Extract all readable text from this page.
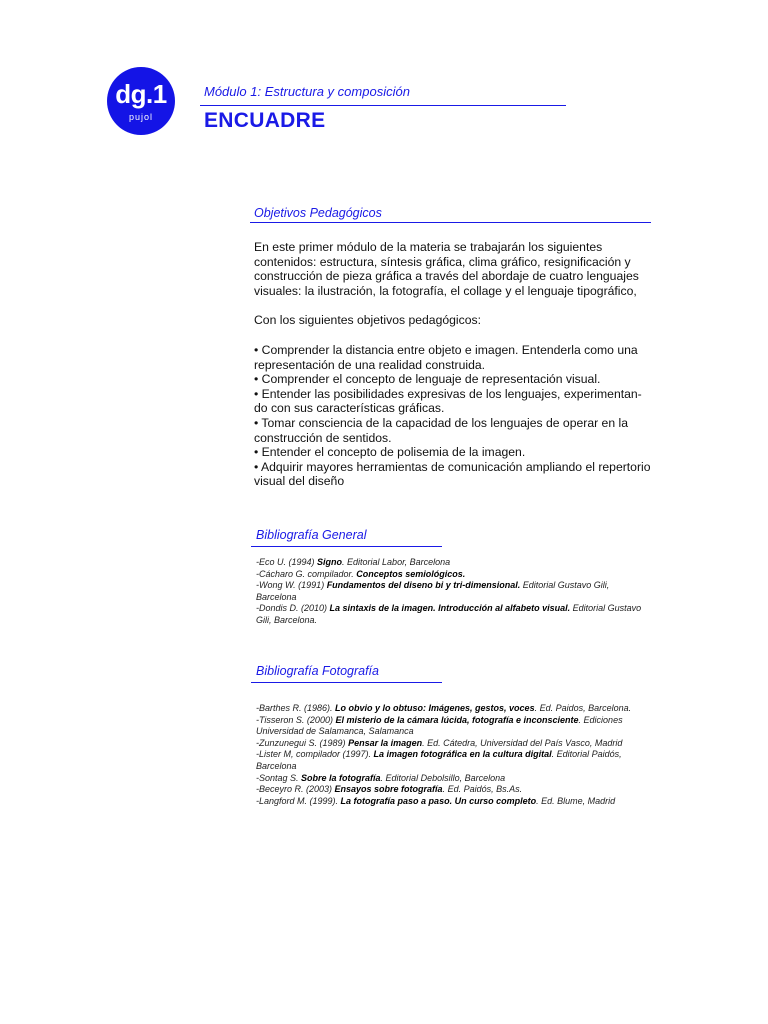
dg.1
pujol
Módulo 1: Estructura y composición
ENCUADRE
Objetivos Pedagógicos

En este primer módulo de la materia se trabajarán los siguientes contenidos: estructura, síntesis gráfica, clima gráfico, resignificación y construcción de pieza gráfica a través del abordaje de cuatro lenguajes visuales: la ilustración, la fotografía, el collage y el lenguaje tipográfico,

Con los siguientes objetivos pedagógicos:

• Comprender la distancia entre objeto e imagen. Entenderla como una representación de una realidad construida.
• Comprender el concepto de lenguaje de representación visual.
• Entender las posibilidades expresivas de los lenguajes, experimentan- do con sus características gráficas.
• Tomar consciencia de la capacidad de los lenguajes de operar en la construcción de sentidos.
• Entender el concepto de polisemia de la imagen.
• Adquirir mayores herramientas de comunicación ampliando el repertorio visual del diseño
Bibliografía General
-Eco U. (1994) Signo. Editorial Labor, Barcelona
-Cácharo G. compilador. Conceptos semiológicos.
-Wong W. (1991) Fundamentos del diseno bi y tri-dimensional. Editorial Gustavo Gili, Barcelona
-Dondis D. (2010) La sintaxis de la imagen. Introducción al alfabeto visual. Editorial Gustavo Gili, Barcelona.
Bibliografía Fotografía
-Barthes R. (1986). Lo obvio y lo obtuso: Imágenes, gestos, voces. Ed. Paidos, Barcelona.
-Tisseron S. (2000) El misterio de la cámara lúcida, fotografía e inconsciente. Ediciones Universidad de Salamanca, Salamanca
-Zunzunegui S. (1989) Pensar la imagen. Ed. Cátedra, Universidad del País Vasco, Madrid
-Lister M, compilador (1997). La imagen fotográfica en la cultura digital. Editorial Paidós, Barcelona
-Sontag S. Sobre la fotografía. Editorial Debolsillo, Barcelona
-Beceyro R. (2003) Ensayos sobre fotografía. Ed. Paidós, Bs.As.
-Langford M. (1999). La fotografía paso a paso. Un curso completo. Ed. Blume, Madrid
